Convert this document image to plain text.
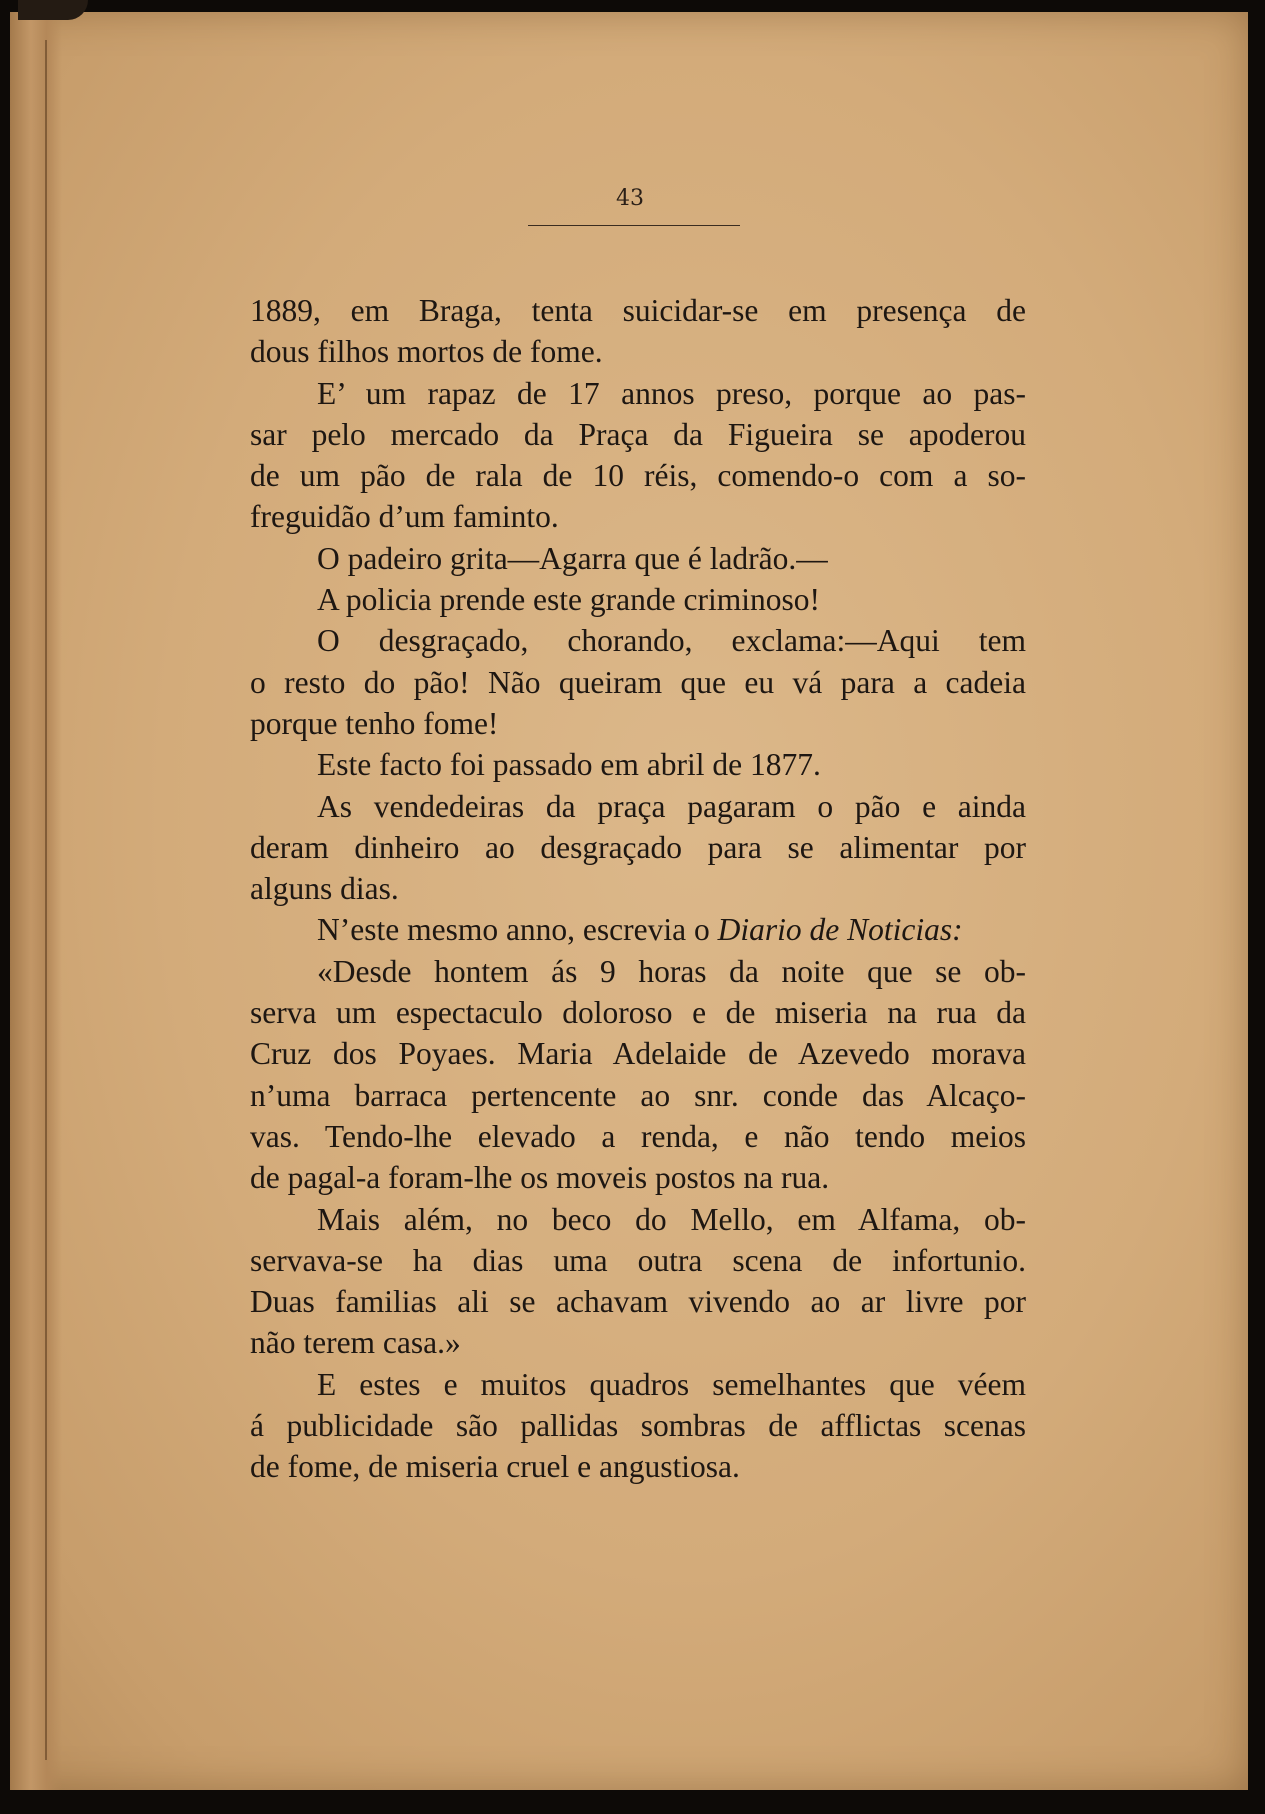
43
1889, em Braga, tenta suicidar-se em presença de
dous filhos mortos de fome.
E’ um rapaz de 17 annos preso, porque ao pas-
sar pelo mercado da Praça da Figueira se apoderou
de um pão de rala de 10 réis, comendo-o com a so-
freguidão d’um faminto.
O padeiro grita—Agarra que é ladrão.—
A policia prende este grande criminoso!
O desgraçado, chorando, exclama:—Aqui tem
o resto do pão! Não queiram que eu vá para a cadeia
porque tenho fome!
Este facto foi passado em abril de 1877.
As vendedeiras da praça pagaram o pão e ainda
deram dinheiro ao desgraçado para se alimentar por
alguns dias.
N’este mesmo anno, escrevia o Diario de Noticias:
«Desde hontem ás 9 horas da noite que se ob-
serva um espectaculo doloroso e de miseria na rua da
Cruz dos Poyaes. Maria Adelaide de Azevedo morava
n’uma barraca pertencente ao snr. conde das Alcaço-
vas. Tendo-lhe elevado a renda, e não tendo meios
de pagal-a foram-lhe os moveis postos na rua.
Mais além, no beco do Mello, em Alfama, ob-
servava-se ha dias uma outra scena de infortunio.
Duas familias ali se achavam vivendo ao ar livre por
não terem casa.»
E estes e muitos quadros semelhantes que véem
á publicidade são pallidas sombras de afflictas scenas
de fome, de miseria cruel e angustiosa.
